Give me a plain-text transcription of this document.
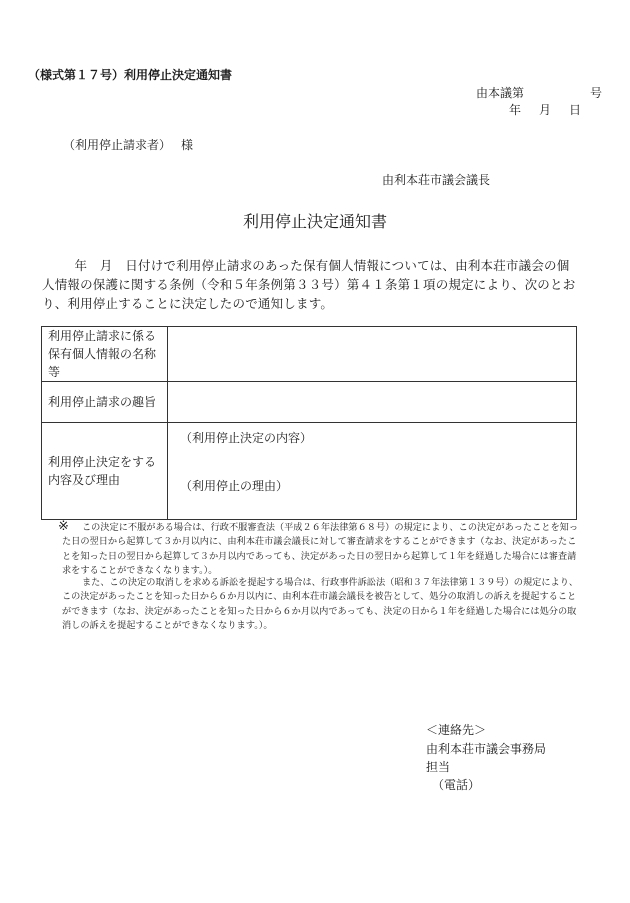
（様式第１７号）利用停止決定通知書
由本議第	号
年 月 日
（利用停止請求者） 様
由利本荘市議会議長
利用停止決定通知書
年　月　日付けで利用停止請求のあった保有個人情報については、由利本荘市議会の個人情報の保護に関する条例（令和５年条例第３３号）第４１条第１項の規定により、次のとおり、利用停止することに決定したので通知します。
利用停止請求に係る保有個人情報の名称等	
利用停止請求の趣旨	
利用停止決定をする内容及び理由	（利用停止決定の内容）
（利用停止の理由）
※	この決定に不服がある場合は、行政不服審査法（平成２６年法律第６８号）の規定により、この決定があったことを知った日の翌日から起算して３か月以内に、由利本荘市議会議長に対して審査請求をすることができます（なお、決定があったことを知った日の翌日から起算して３か月以内であっても、決定があった日の翌日から起算して１年を経過した場合には審査請求をすることができなくなります。）。
また、この決定の取消しを求める訴訟を提起する場合は、行政事件訴訟法（昭和３７年法律第１３９号）の規定により、この決定があったことを知った日から６か月以内に、由利本荘市議会議長を被告として、処分の取消しの訴えを提起することができます（なお、決定があったことを知った日から６か月以内であっても、決定の日から１年を経過した場合には処分の取消しの訴えを提起することができなくなります。）。
＜連絡先＞
由利本荘市議会事務局
担当
（電話）
